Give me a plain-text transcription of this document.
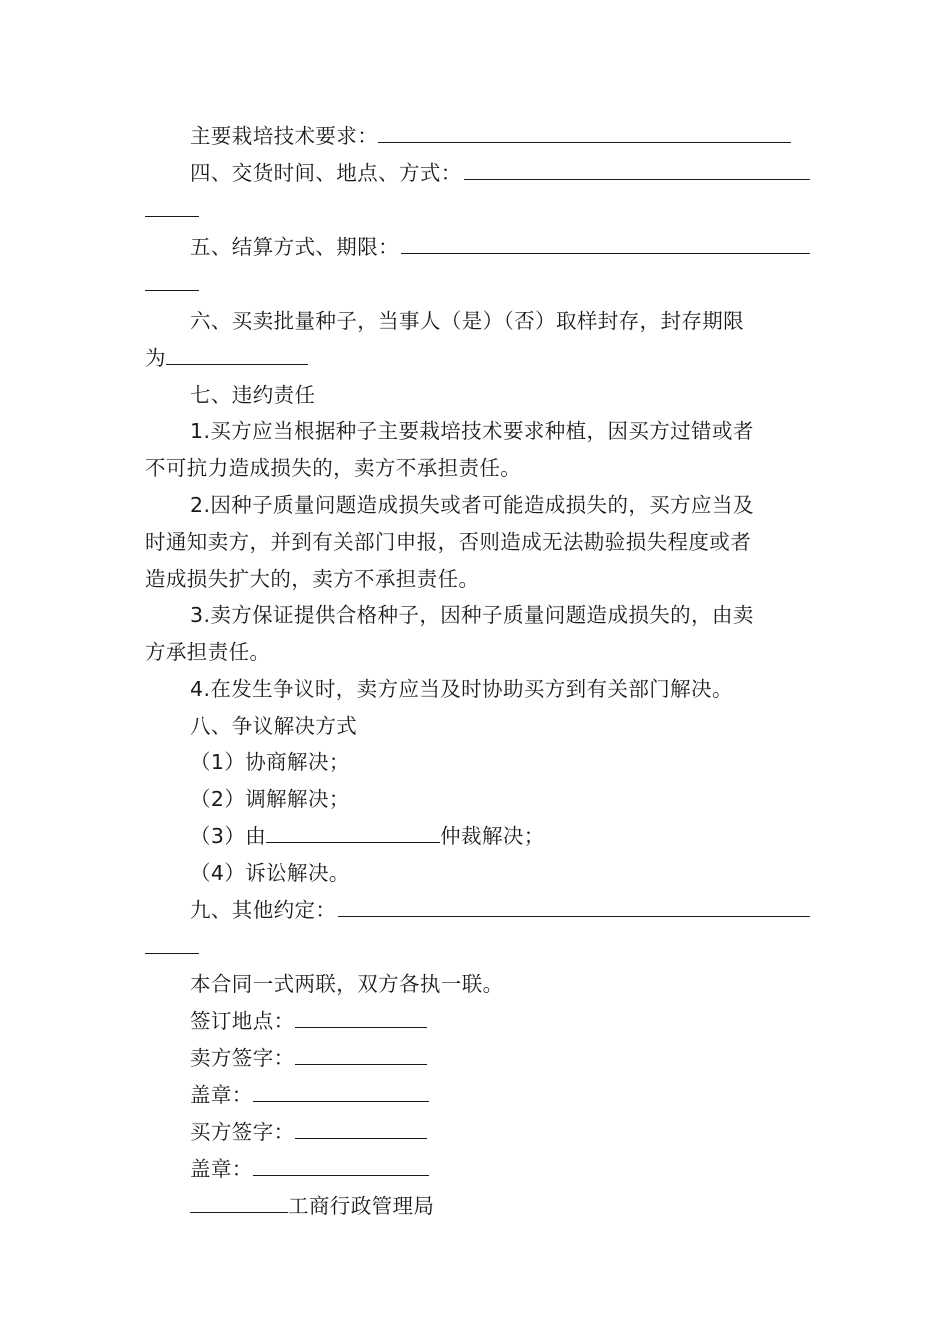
主要栽培技术要求：
四、交货时间、地点、方式：
五、结算方式、期限：
六、买卖批量种子，当事人（是）（否）取样封存，封存期限
为
七、违约责任
1.买方应当根据种子主要栽培技术要求种植，因买方过错或者
不可抗力造成损失的，卖方不承担责任。
2.因种子质量问题造成损失或者可能造成损失的，买方应当及
时通知卖方，并到有关部门申报，否则造成无法勘验损失程度或者
造成损失扩大的，卖方不承担责任。
3.卖方保证提供合格种子，因种子质量问题造成损失的，由卖
方承担责任。
4.在发生争议时，卖方应当及时协助买方到有关部门解决。
八、争议解决方式
（1）协商解决；
（2）调解解决；
（3）由	仲裁解决；
（4）诉讼解决。
九、其他约定：
本合同一式两联，双方各执一联。
签订地点：
卖方签字：
盖章：
买方签字：
盖章：
工商行政管理局
